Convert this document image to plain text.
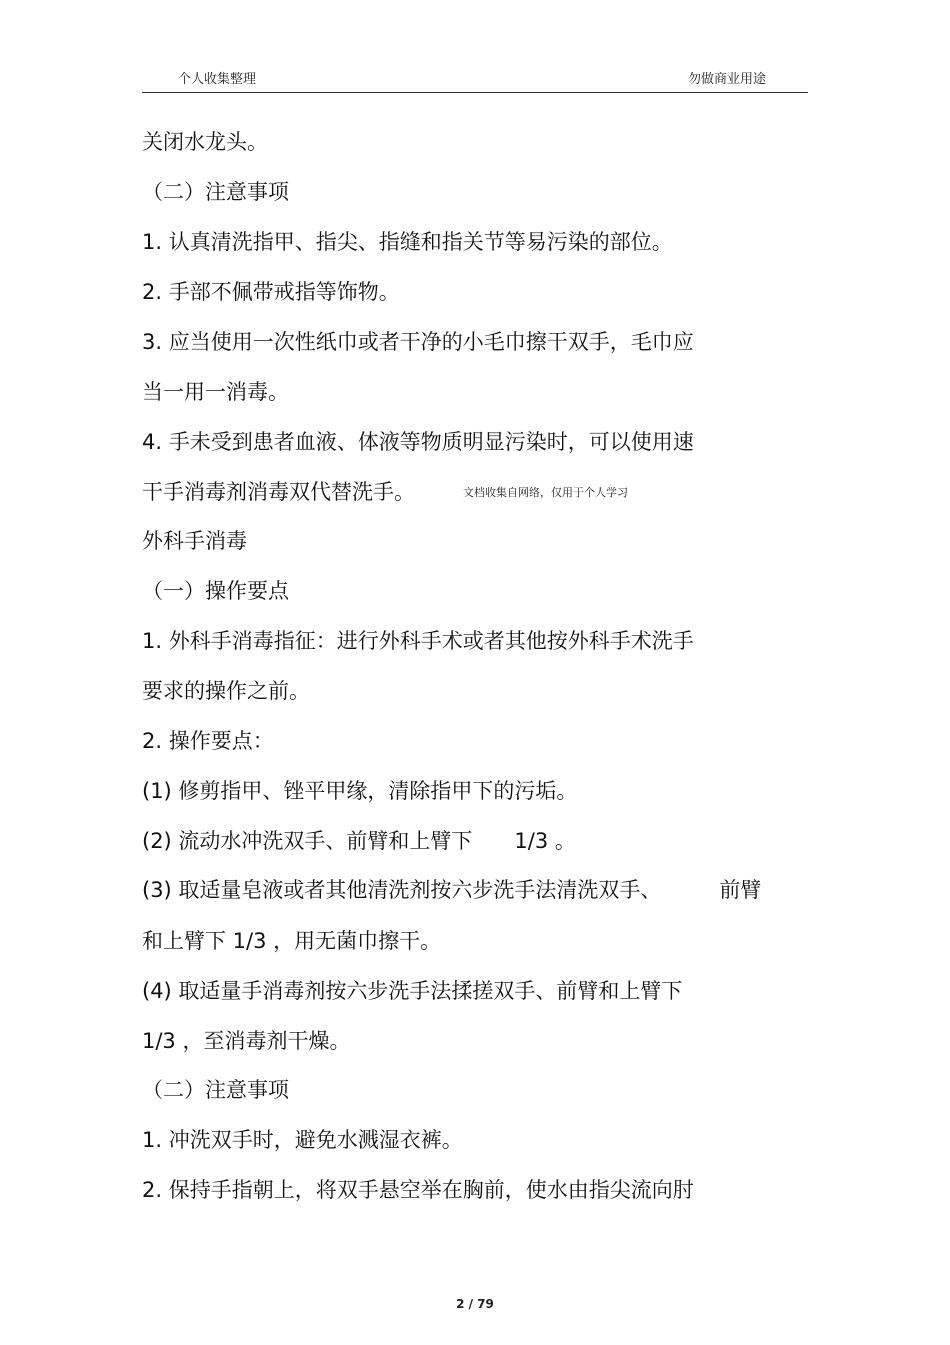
个人收集整理	勿做商业用途
关闭水龙头。
（二）注意事项
1. 认真清洗指甲、指尖、指缝和指关节等易污染的部位。
2. 手部不佩带戒指等饰物。
3. 应当使用一次性纸巾或者干净的小毛巾擦干双手，毛巾应
当一用一消毒。
4. 手未受到患者血液、体液等物质明显污染时，可以使用速
干手消毒剂消毒双代替洗手。	文档收集自网络，仅用于个人学习
外科手消毒
（一）操作要点
1. 外科手消毒指征：进行外科手术或者其他按外科手术洗手
要求的操作之前。
2. 操作要点：
(1) 修剪指甲、锉平甲缘，清除指甲下的污垢。
(2) 流动水冲洗双手、前臂和上臂下 1/3 。
(3) 取适量皂液或者其他清洗剂按六步洗手法清洗双手、	前臂
和上臂下 1/3 ，用无菌巾擦干。
(4) 取适量手消毒剂按六步洗手法揉搓双手、前臂和上臂下
1/3 ，至消毒剂干燥。
（二）注意事项
1. 冲洗双手时，避免水溅湿衣裤。
2. 保持手指朝上，将双手悬空举在胸前，使水由指尖流向肘
2 / 79
